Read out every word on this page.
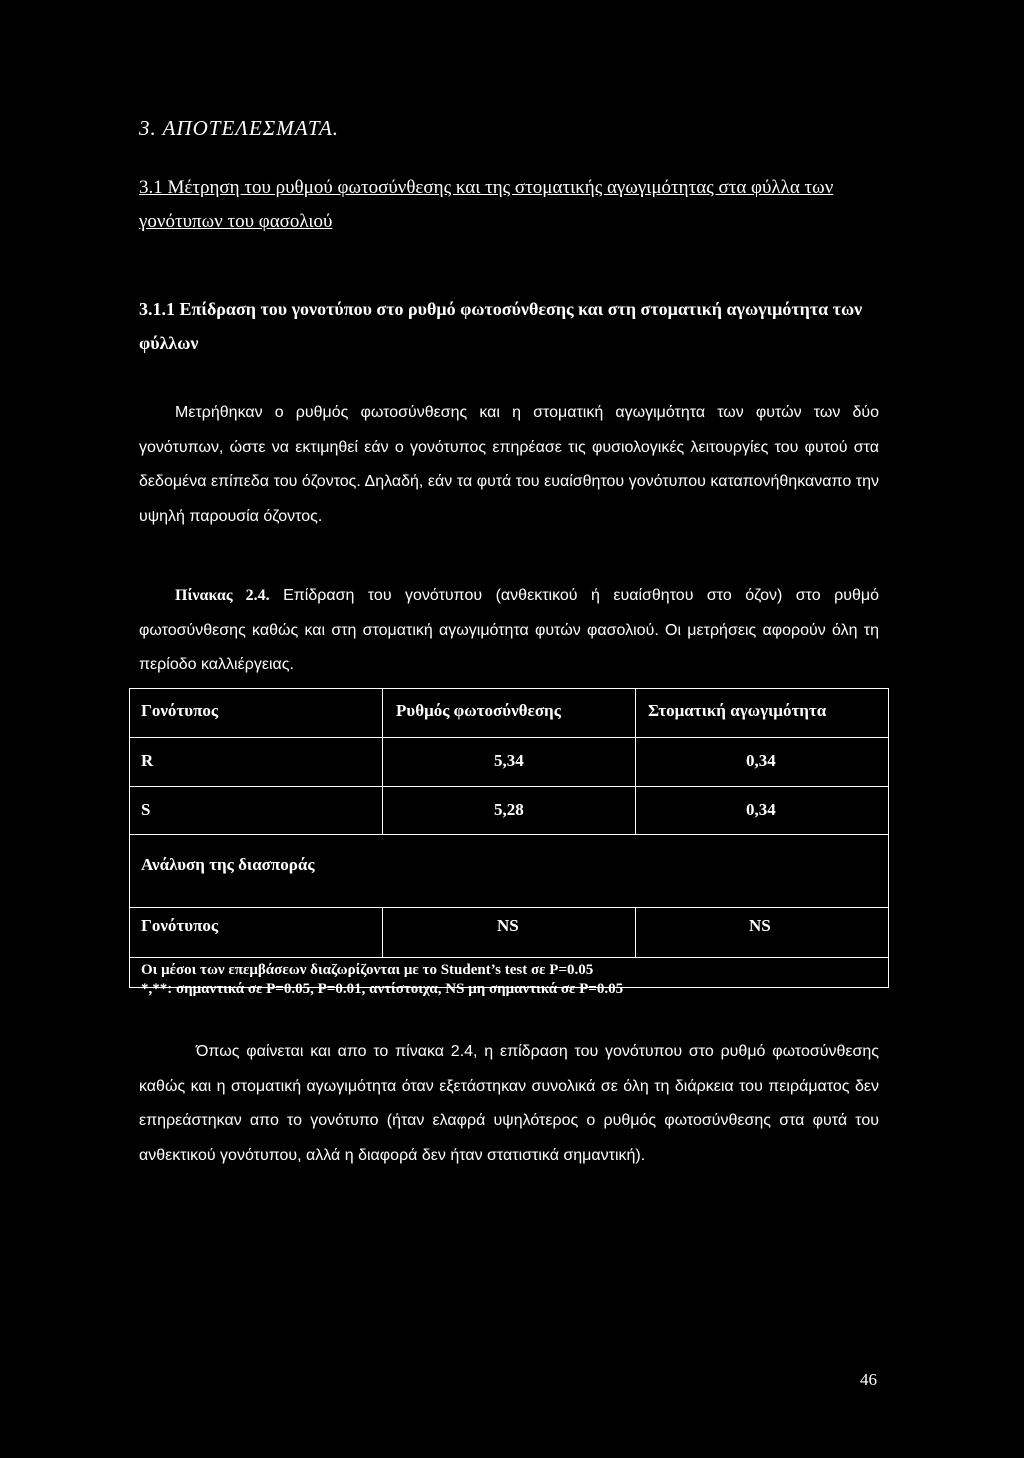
3. ΑΠΟΤΕΛΕΣΜΑΤΑ.
3.1 Μέτρηση του ρυθμού φωτοσύνθεσης και της στοματικής αγωγιμότητας στα φύλλα των γονότυπων του φασολιού
3.1.1 Επίδραση του γονοτύπου στο ρυθμό φωτοσύνθεσης και στη στοματική αγωγιμότητα των φύλλων
Μετρήθηκαν ο ρυθμός φωτοσύνθεσης και η στοματική αγωγιμότητα των φυτών των δύο γονότυπων, ώστε να εκτιμηθεί εάν ο γονότυπος επηρέασε τις φυσιολογικές λειτουργίες του φυτού στα δεδομένα επίπεδα του όζοντος. Δηλαδή, εάν τα φυτά του ευαίσθητου γονότυπου καταπονήθηκαναπο την υψηλή παρουσία όζοντος.
Πίνακας 2.4. Επίδραση του γονότυπου (ανθεκτικού ή ευαίσθητου στο όζον) στο ρυθμό φωτοσύνθεσης καθώς και στη στοματική αγωγιμότητα φυτών φασολιού. Οι μετρήσεις αφορούν όλη τη περίοδο καλλιέργειας.
Γονότυπος	Ρυθμός φωτοσύνθεσης	Στοματική αγωγιμότητα
R	5,34	0,34
S	5,28	0,34
Ανάλυση της διασποράς
Γονότυπος	NS	NS
Οι μέσοι των επεμβάσεων διαζωρίζονται με το Student’s test σε P=0.05
*,**: σημαντικά σε P=0.05, P=0.01, αντίστοιχα, NS μη σημαντικά σε P=0.05
Όπως φαίνεται και απο το πίνακα 2.4, η επίδραση του γονότυπου στο ρυθμό φωτοσύνθεσης καθώς και η στοματική αγωγιμότητα όταν εξετάστηκαν συνολικά σε όλη τη διάρκεια του πειράματος δεν επηρεάστηκαν απο το γονότυπο (ήταν ελαφρά υψηλότερος ο ρυθμός φωτοσύνθεσης στα φυτά του ανθεκτικού γονότυπου, αλλά η διαφορά δεν ήταν στατιστικά σημαντική).
46
